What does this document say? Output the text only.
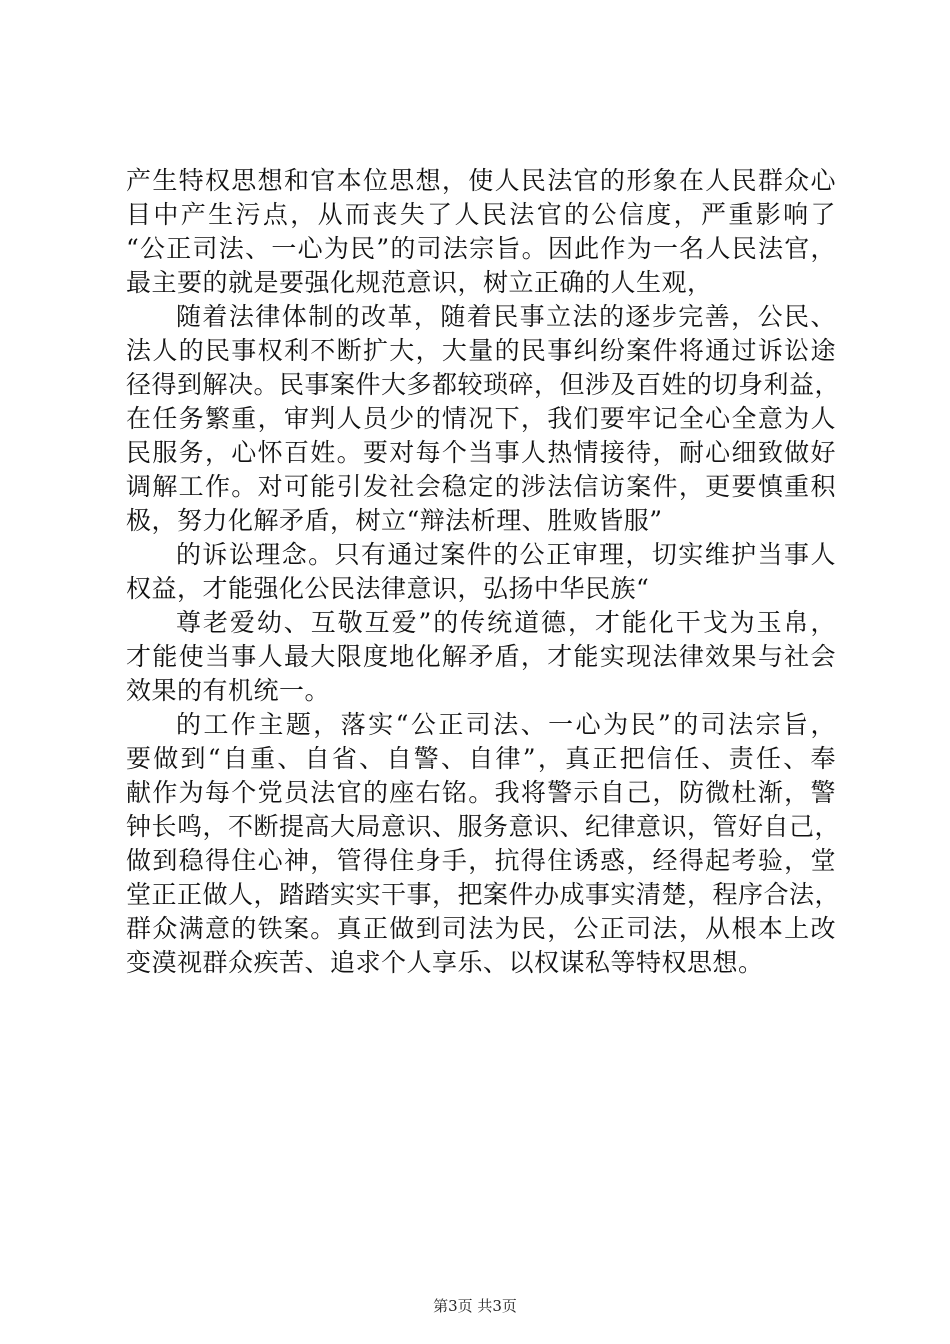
产生特权思想和官本位思想，使人民法官的形象在人民群众心
目中产生污点，从而丧失了人民法官的公信度，严重影响了
“公正司法、一心为民”的司法宗旨。因此作为一名人民法官，
最主要的就是要强化规范意识，树立正确的人生观，
随着法律体制的改革，随着民事立法的逐步完善，公民、
法人的民事权利不断扩大，大量的民事纠纷案件将通过诉讼途
径得到解决。民事案件大多都较琐碎，但涉及百姓的切身利益，
在任务繁重，审判人员少的情况下，我们要牢记全心全意为人
民服务，心怀百姓。要对每个当事人热情接待，耐心细致做好
调解工作。对可能引发社会稳定的涉法信访案件，更要慎重积
极，努力化解矛盾，树立“辩法析理、胜败皆服”
的诉讼理念。只有通过案件的公正审理，切实维护当事人
权益，才能强化公民法律意识，弘扬中华民族“
尊老爱幼、互敬互爱”的传统道德，才能化干戈为玉帛，
才能使当事人最大限度地化解矛盾，才能实现法律效果与社会
效果的有机统一。
的工作主题，落实“公正司法、一心为民”的司法宗旨，
要做到“自重、自省、自警、自律”，真正把信任、责任、奉
献作为每个党员法官的座右铭。我将警示自己，防微杜渐，警
钟长鸣，不断提高大局意识、服务意识、纪律意识，管好自己，
做到稳得住心神，管得住身手，抗得住诱惑，经得起考验，堂
堂正正做人，踏踏实实干事，把案件办成事实清楚，程序合法，
群众满意的铁案。真正做到司法为民，公正司法，从根本上改
变漠视群众疾苦、追求个人享乐、以权谋私等特权思想。
第3页 共3页
